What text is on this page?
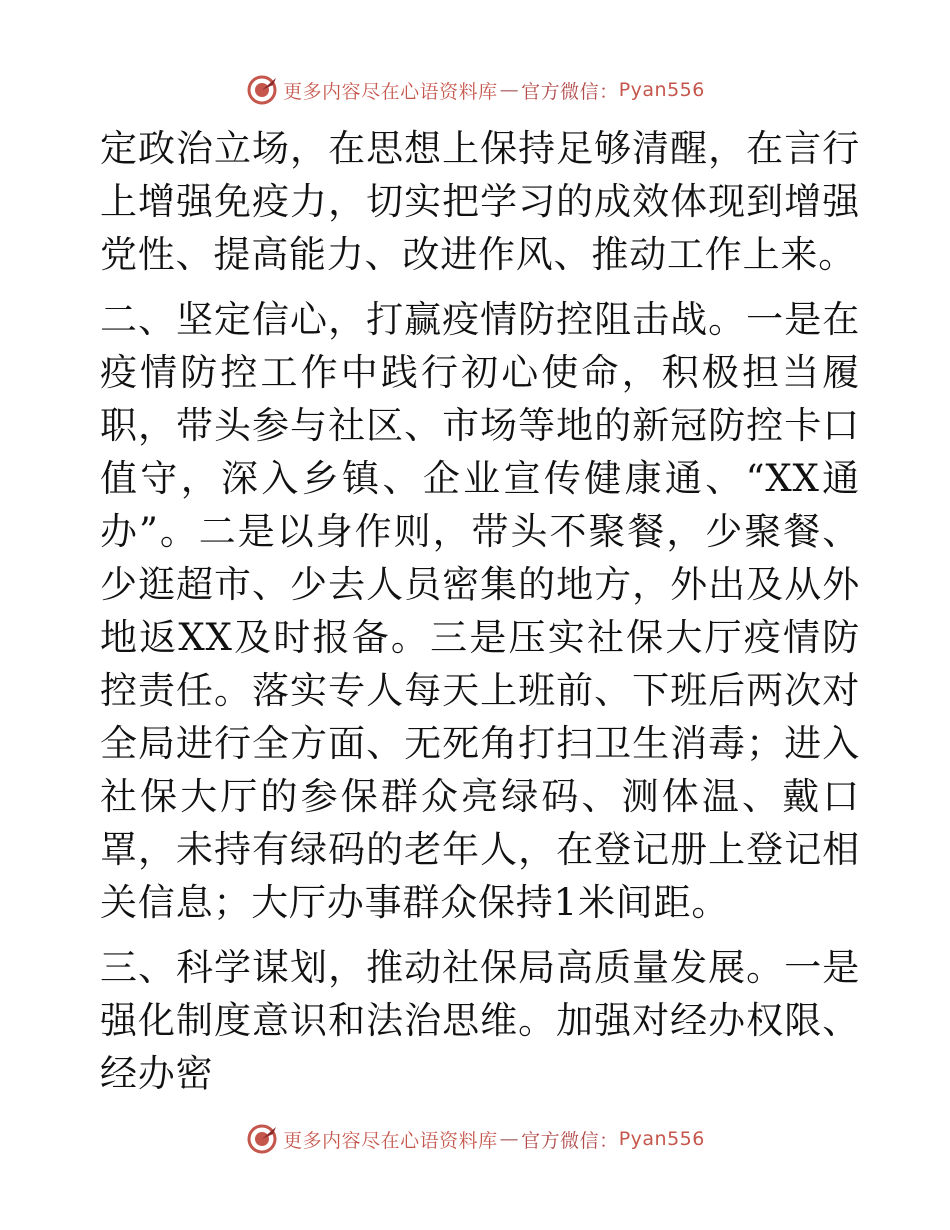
更多内容尽在心语资料库 — 官方微信： Pyan556

定政治立场，在思想上保持足够清醒，在言行上增强免疫力，切实把学习的成效体现到增强党性、提高能力、改进作风、推动工作上来。

二、坚定信心，打赢疫情防控阻击战。一是在疫情防控工作中践行初心使命，积极担当履职，带头参与社区、市场等地的新冠防控卡口值守，深入乡镇、企业宣传健康通、“XX通办”。二是以身作则，带头不聚餐，少聚餐、少逛超市、少去人员密集的地方，外出及从外地返XX及时报备。三是压实社保大厅疫情防控责任。落实专人每天上班前、下班后两次对全局进行全方面、无死角打扫卫生消毒；进入社保大厅的参保群众亮绿码、测体温、戴口罩，未持有绿码的老年人，在登记册上登记相关信息；大厅办事群众保持1米间距。

三、科学谋划，推动社保局高质量发展。一是强化制度意识和法治思维。加强对经办权限、经办密

更多内容尽在心语资料库 — 官方微信： Pyan556
